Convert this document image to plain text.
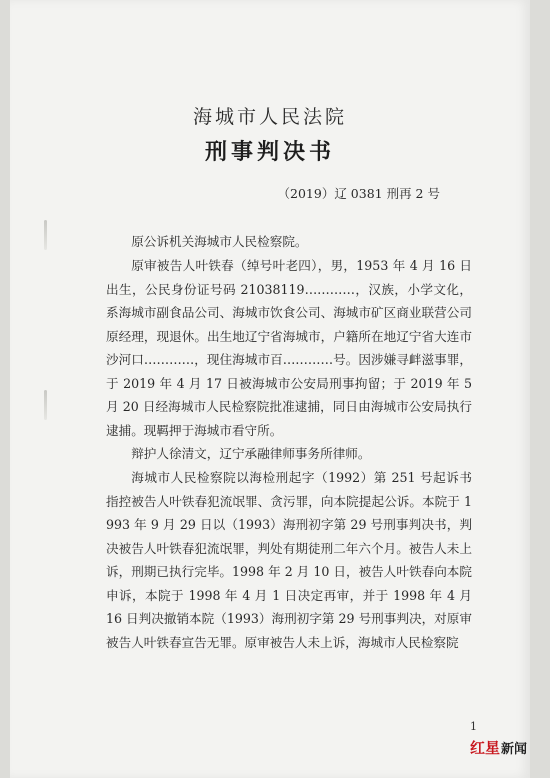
海城市人民法院
刑事判决书
（2019）辽 0381 刑再 2 号

原公诉机关海城市人民检察院。

原审被告人叶铁春（绰号叶老四），男，1953 年 4 月 16 日出生，公民身份证号码 21038119…………，汉族，小学文化，系海城市副食品公司、海城市饮食公司、海城市矿区商业联营公司原经理，现退休。出生地辽宁省海城市，户籍所在地辽宁省大连市沙河口…………，现住海城市百…………号。因涉嫌寻衅滋事罪，于 2019 年 4 月 17 日被海城市公安局刑事拘留；于 2019 年 5 月 20 日经海城市人民检察院批准逮捕，同日由海城市公安局执行逮捕。现羁押于海城市看守所。

辩护人徐清文，辽宁承融律师事务所律师。

海城市人民检察院以海检刑起字（1992）第 251 号起诉书指控被告人叶铁春犯流氓罪、贪污罪，向本院提起公诉。本院于 1993 年 9 月 29 日以（1993）海刑初字第 29 号刑事判决书，判决被告人叶铁春犯流氓罪，判处有期徒刑二年六个月。被告人未上诉，刑期已执行完毕。1998 年 2 月 10 日，被告人叶铁春向本院申诉，本院于 1998 年 4 月 1 日决定再审，并于 1998 年 4 月 16 日判决撤销本院（1993）海刑初字第 29 号刑事判决，对原审被告人叶铁春宣告无罪。原审被告人未上诉，海城市人民检察院

1
红星 新闻
